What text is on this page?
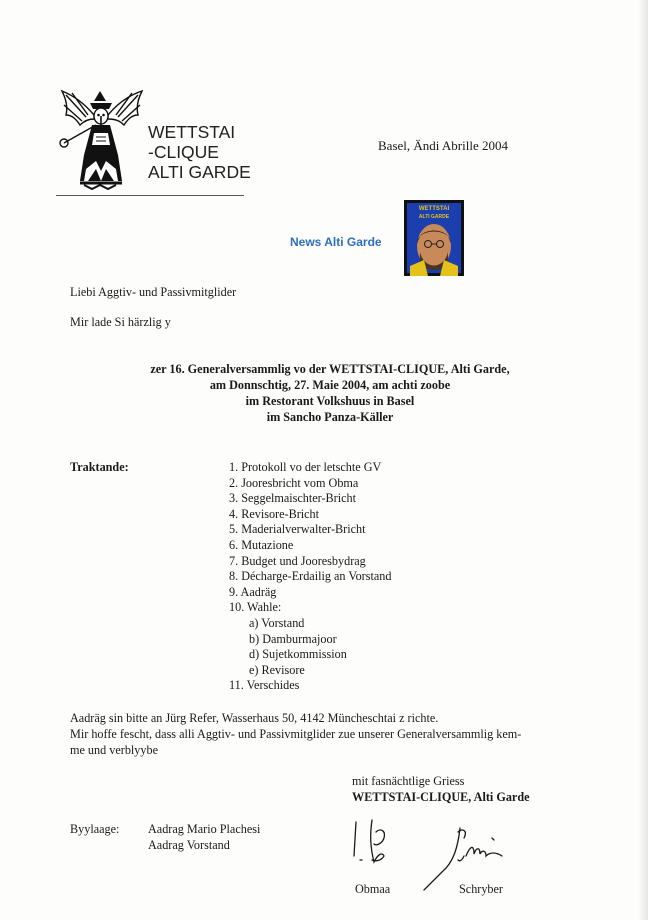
WETTSTAI
-CLIQUE
ALTI GARDE
Basel, Ändi Abrille 2004
News Alti Garde
WETTSTAI
ALTI GARDE
Liebi Aggtiv- und Passivmitglider
Mir lade Si härzlig y
zer 16. Generalversammlig vo der WETTSTAI-CLIQUE, Alti Garde,
am Donnschtig, 27. Maie 2004, am achti zoobe
im Restorant Volkshuus in Basel
im Sancho Panza-Käller
Traktande:	1. Protokoll vo der letschte GV
2. Jooresbricht vom Obma
3. Seggelmaischter-Bricht
4. Revisore-Bricht
5. Maderialverwalter-Bricht
6. Mutazione
7. Budget und Jooresbydrag
8. Décharge-Erdailig an Vorstand
9. Aadräg
10. Wahle:
a) Vorstand
b) Damburmajoor
d) Sujetkommission
e) Revisore
11. Verschides
Aadräg sin bitte an Jürg Refer, Wasserhaus 50, 4142 Müncheschtai z richte.
Mir hoffe fescht, dass alli Aggtiv- und Passivmitglider zue unserer Generalversammlig kem-
me und verblyybe
mit fasnächtlige Griess
WETTSTAI-CLIQUE, Alti Garde
Byylaage: Aadrag Mario Plachesi
Aadrag Vorstand
Obmaa	Schryber
